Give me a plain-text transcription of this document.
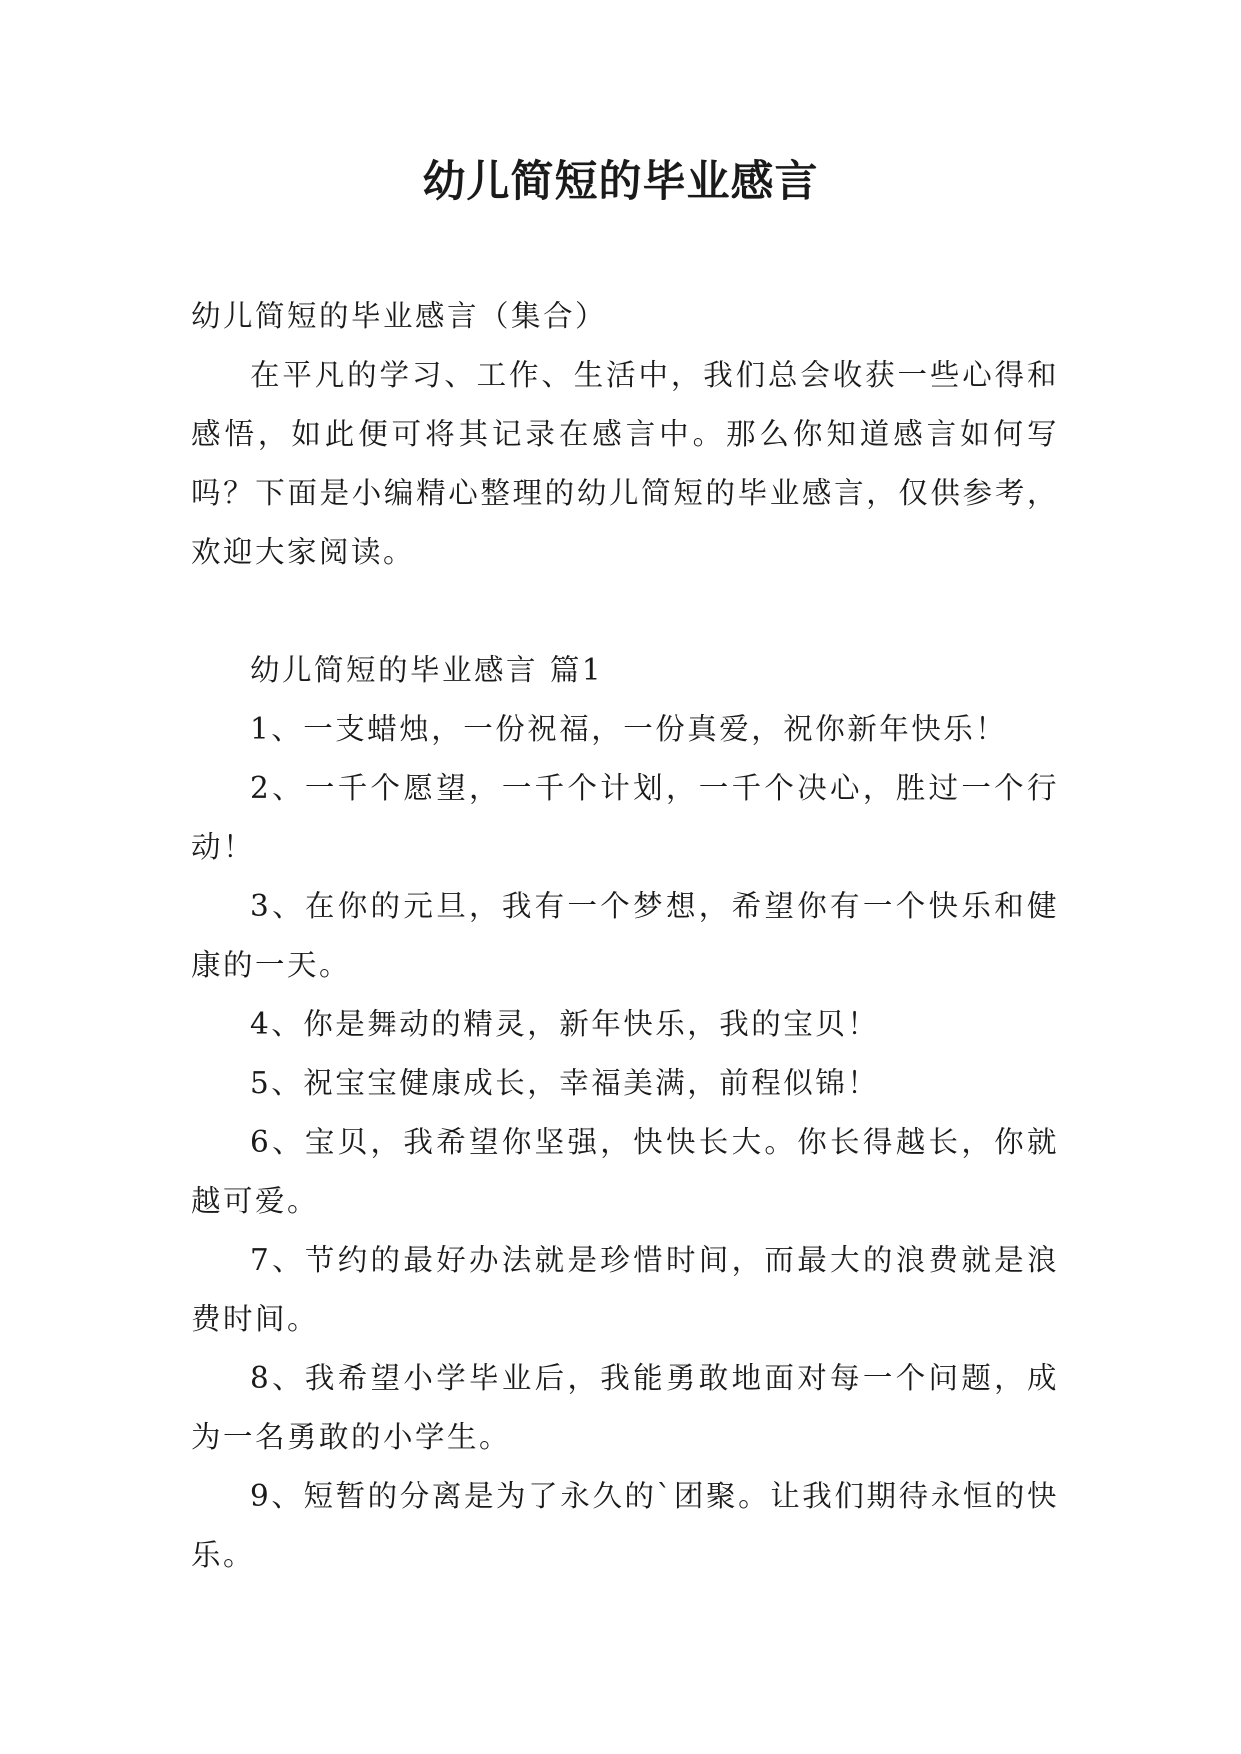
幼儿简短的毕业感言

幼儿简短的毕业感言（集合）

在平凡的学习、工作、生活中，我们总会收获一些心得和感悟，如此便可将其记录在感言中。那么你知道感言如何写吗？下面是小编精心整理的幼儿简短的毕业感言，仅供参考，欢迎大家阅读。

幼儿简短的毕业感言 篇1

1、一支蜡烛，一份祝福，一份真爱，祝你新年快乐！

2、一千个愿望，一千个计划，一千个决心，胜过一个行动！

3、在你的元旦，我有一个梦想，希望你有一个快乐和健康的一天。

4、你是舞动的精灵，新年快乐，我的宝贝！

5、祝宝宝健康成长，幸福美满，前程似锦！

6、宝贝，我希望你坚强，快快长大。你长得越长，你就越可爱。

7、节约的最好办法就是珍惜时间，而最大的浪费就是浪费时间。

8、我希望小学毕业后，我能勇敢地面对每一个问题，成为一名勇敢的小学生。

9、短暂的分离是为了永久的`团聚。让我们期待永恒的快乐。
